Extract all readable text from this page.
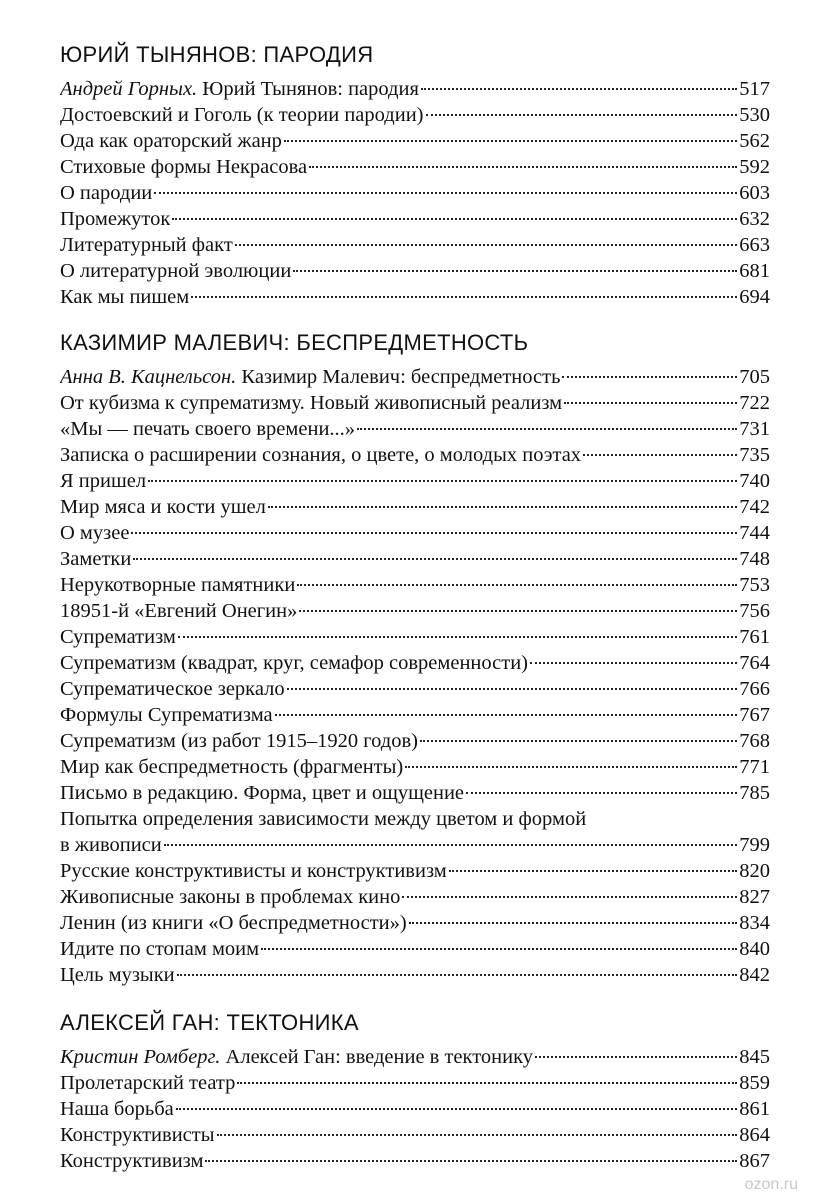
ЮРИЙ ТЫНЯНОВ: ПАРОДИЯ
Андрей Горных. Юрий Тынянов: пародия	517
Достоевский и Гоголь (к теории пародии)	530
Ода как ораторский жанр	562
Стиховые формы Некрасова	592
О пародии	603
Промежуток	632
Литературный факт	663
О литературной эволюции	681
Как мы пишем	694
КАЗИМИР МАЛЕВИЧ: БЕСПРЕДМЕТНОСТЬ
Анна В. Кацнельсон. Казимир Малевич: беспредметность	705
От кубизма к супрематизму. Новый живописный реализм	722
«Мы — печать своего времени...»	731
Записка о расширении сознания, о цвете, о молодых поэтах	735
Я пришел	740
Мир мяса и кости ушел	742
О музее	744
Заметки	748
Нерукотворные памятники	753
18951-й «Евгений Онегин»	756
Супрематизм	761
Супрематизм (квадрат, круг, семафор современности)	764
Супрематическое зеркало	766
Формулы Супрематизма	767
Супрематизм (из работ 1915–1920 годов)	768
Мир как беспредметность (фрагменты)	771
Письмо в редакцию. Форма, цвет и ощущение	785
Попытка определения зависимости между цветом и формой
в живописи	799
Русские конструктивисты и конструктивизм	820
Живописные законы в проблемах кино	827
Ленин (из книги «О беспредметности»)	834
Идите по стопам моим	840
Цель музыки	842
АЛЕКСЕЙ ГАН: ТЕКТОНИКА
Кристин Ромберг. Алексей Ган: введение в тектонику	845
Пролетарский театр	859
Наша борьба	861
Конструктивисты	864
Конструктивизм	867
ozon.ru
